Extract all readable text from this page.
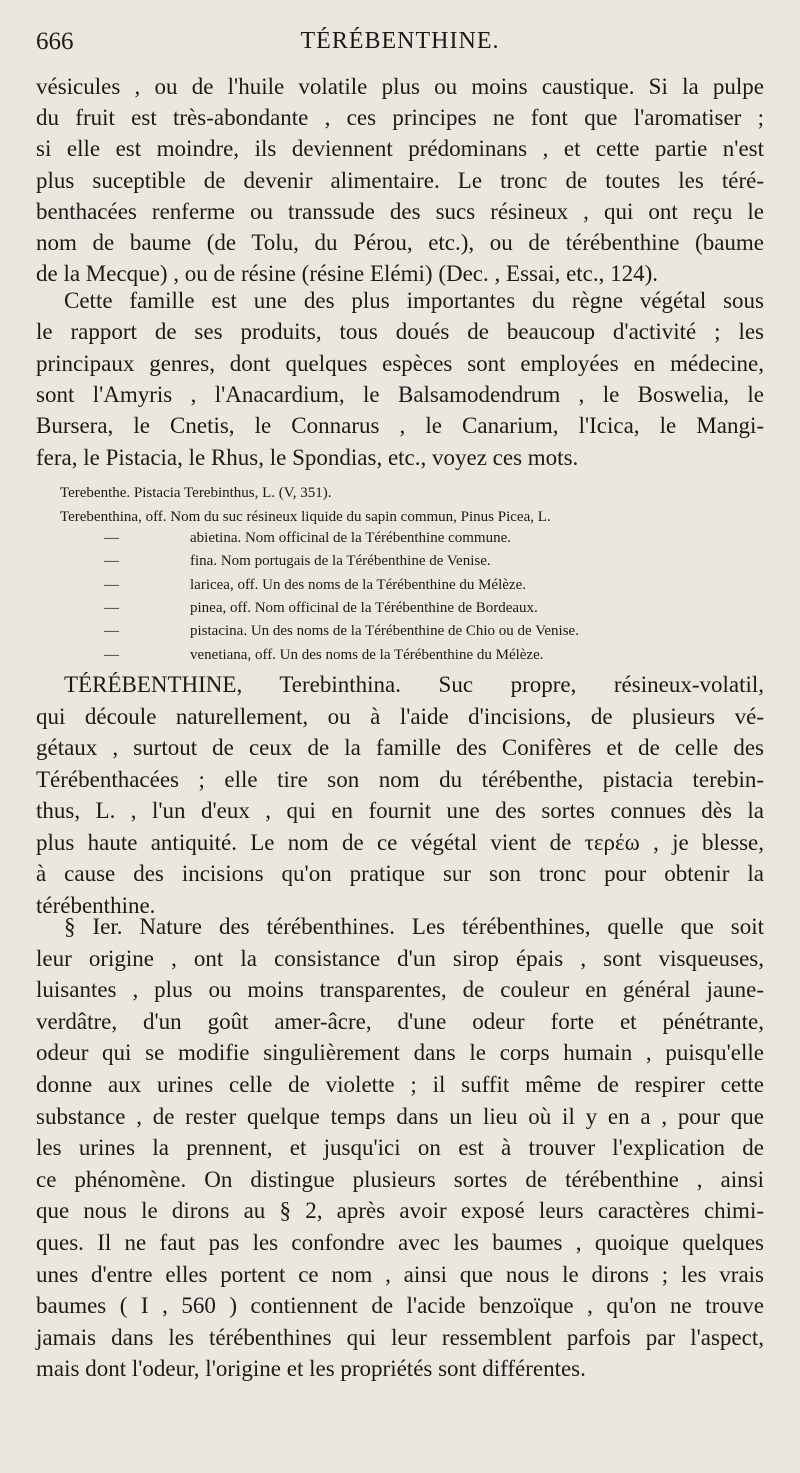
666	TÉRÉBENTHINE.
vésicules , ou de l'huile volatile plus ou moins caustique. Si la pulpe
du fruit est très-abondante , ces principes ne font que l'aromatiser ;
si elle est moindre, ils deviennent prédominans , et cette partie n'est
plus suceptible de devenir alimentaire. Le tronc de toutes les téré-
benthacées renferme ou transsude des sucs résineux , qui ont reçu le
nom de baume (de Tolu, du Pérou, etc.), ou de térébenthine (baume
de la Mecque) , ou de résine (résine Elémi) (Dec. , Essai, etc., 124).
Cette famille est une des plus importantes du règne végétal sous
le rapport de ses produits, tous doués de beaucoup d'activité ; les
principaux genres, dont quelques espèces sont employées en médecine,
sont l'Amyris , l'Anacardium, le Balsamodendrum , le Boswelia, le
Bursera, le Cnetis, le Connarus , le Canarium, l'Icica, le Mangi-
fera, le Pistacia, le Rhus, le Spondias, etc., voyez ces mots.
Terebenthe. Pistacia Terebinthus, L. (V, 351).
Terebenthina, off. Nom du suc résineux liquide du sapin commun, Pinus Picea, L.
—	abietina. Nom officinal de la Térébenthine commune.
—	fina. Nom portugais de la Térébenthine de Venise.
—	laricea, off. Un des noms de la Térébenthine du Mélèze.
—	pinea, off. Nom officinal de la Térébenthine de Bordeaux.
—	pistacina. Un des noms de la Térébenthine de Chio ou de Venise.
—	venetiana, off. Un des noms de la Térébenthine du Mélèze.
TÉRÉBENTHINE, Terebinthina. Suc propre, résineux-volatil,
qui découle naturellement, ou à l'aide d'incisions, de plusieurs vé-
gétaux , surtout de ceux de la famille des Conifères et de celle des
Térébenthacées ; elle tire son nom du térébenthe, pistacia terebin-
thus, L. , l'un d'eux , qui en fournit une des sortes connues dès la
plus haute antiquité. Le nom de ce végétal vient de τερέω , je blesse,
à cause des incisions qu'on pratique sur son tronc pour obtenir la
térébenthine.
§ Ier. Nature des térébenthines. Les térébenthines, quelle que soit
leur origine , ont la consistance d'un sirop épais , sont visqueuses,
luisantes , plus ou moins transparentes, de couleur en général jaune-
verdâtre, d'un goût amer-âcre, d'une odeur forte et pénétrante,
odeur qui se modifie singulièrement dans le corps humain , puisqu'elle
donne aux urines celle de violette ; il suffit même de respirer cette
substance , de rester quelque temps dans un lieu où il y en a , pour que
les urines la prennent, et jusqu'ici on est à trouver l'explication de
ce phénomène. On distingue plusieurs sortes de térébenthine , ainsi
que nous le dirons au § 2, après avoir exposé leurs caractères chimi-
ques. Il ne faut pas les confondre avec les baumes , quoique quelques
unes d'entre elles portent ce nom , ainsi que nous le dirons ; les vrais
baumes ( I , 560 ) contiennent de l'acide benzoïque , qu'on ne trouve
jamais dans les térébenthines qui leur ressemblent parfois par l'aspect,
mais dont l'odeur, l'origine et les propriétés sont différentes.
